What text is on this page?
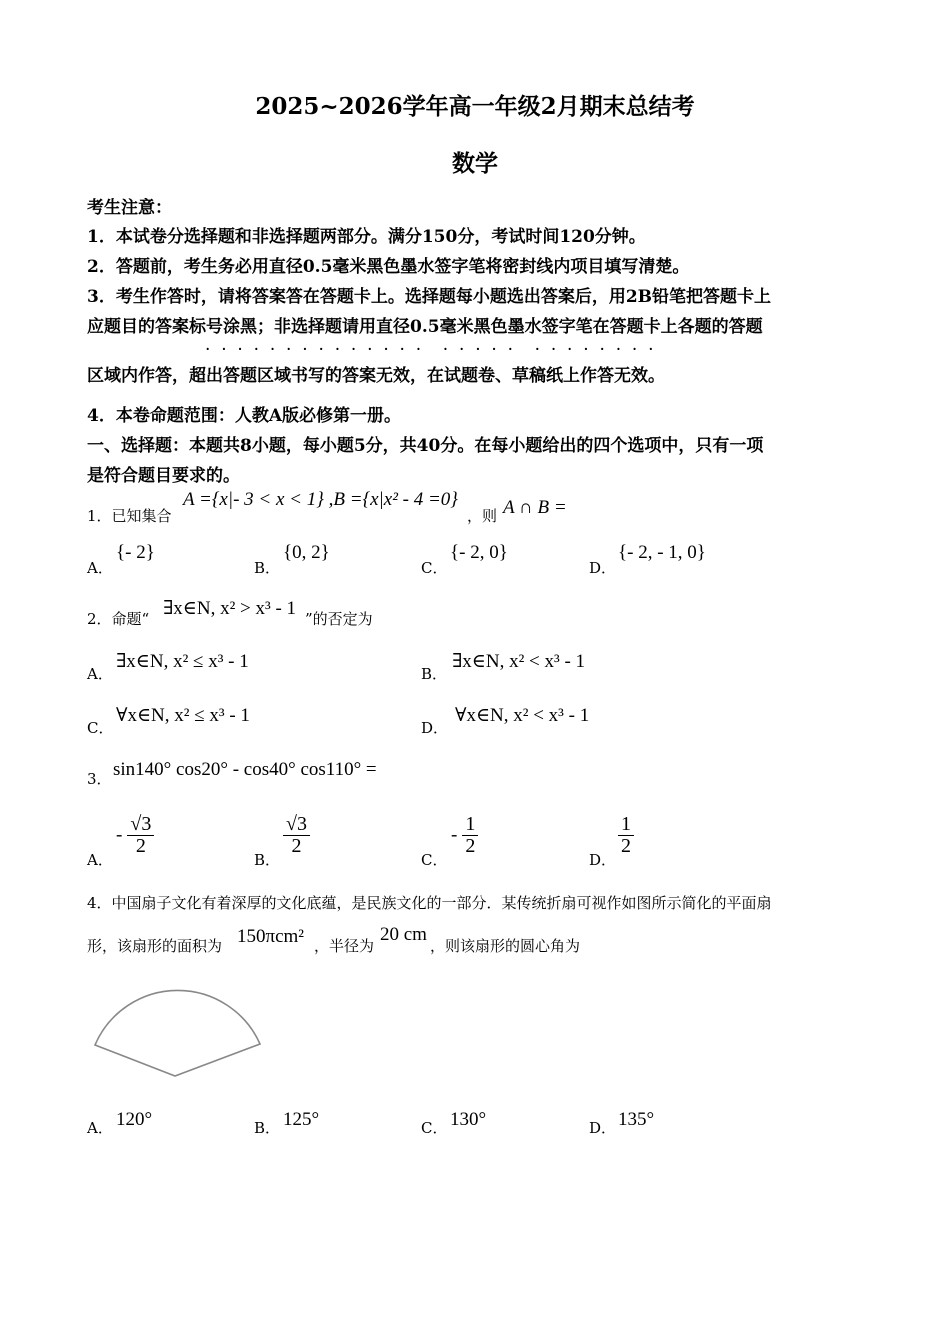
2025~2026学年高一年级2月期末总结考
数学
考生注意：
1．本试卷分选择题和非选择题两部分。满分150分，考试时间120分钟。
2．答题前，考生务必用直径0.5毫米黑色墨水签字笔将密封线内项目填写清楚。
3．考生作答时，请将答案答在答题卡上。选择题每小题选出答案后，用2B铅笔把答题卡上
应题目的答案标号涂黑；非选择题请用直径0.5毫米黑色墨水签字笔在答题卡上各题的答题
·  ·  ·  ·  ·  ·  ·  ·  ·  ·  ·  ·  ·  ·    ·  ·  ·  ·  ·    ·  ·  ·  ·  ·  ·  ·  ·
区域内作答，超出答题区域书写的答案无效，在试题卷、草稿纸上作答无效。
4．本卷命题范围：人教A版必修第一册。
一、选择题：本题共8小题，每小题5分，共40分。在每小题给出的四个选项中，只有一项
是符合题目要求的。
1．已知集合
A ={x|‐ 3 < x < 1} ,B ={x|x² ‐ 4 =0}
，则 A ∩ B =
A．
{‐ 2}
B．
{0, 2}
C．
{‐ 2, 0}
D．
{‐ 2, ‐ 1, 0}
2．命题“ ∃x∈N, x² > x³ ‐ 1 ”的否定为
A．
∃x∈N, x² ≤ x³ ‐ 1
B．
∃x∈N, x² < x³ ‐ 1
C．
∀x∈N, x² ≤ x³ ‐ 1
D．
∀x∈N, x² < x³ ‐ 1
3． sin140° cos20° ‐ cos40° cos110° =
A．
‐ $\frac{√3}{2}$
B．
$\frac{√3}{2}$
C．
‐ $\frac{1}{2}$
D．
$\frac{1}{2}$
4．中国扇子文化有着深厚的文化底蕴，是民族文化的一部分．某传统折扇可视作如图所示简化的平面扇
形，该扇形的面积为 150πcm² ，半径为
20 cm
，则该扇形的圆心角为
A． 120°	B． 125°	C． 130°	D． 135°
